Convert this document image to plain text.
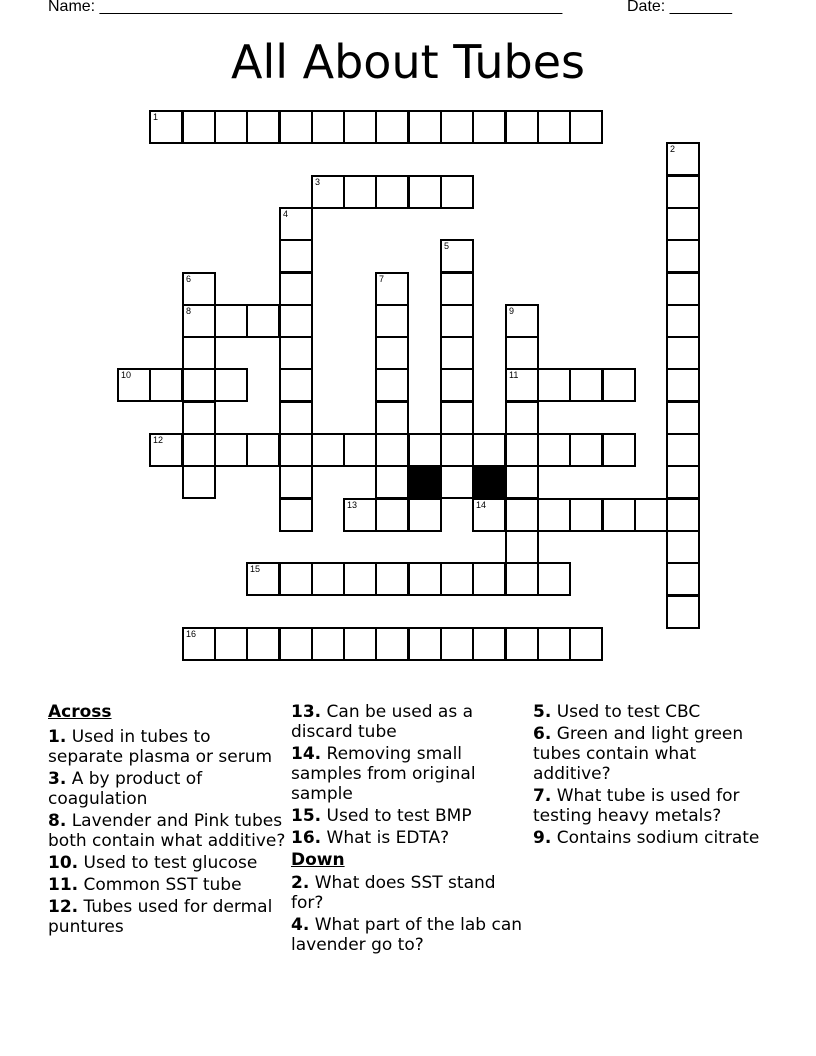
Name: ____________________________________________________	Date: _______
All About Tubes
1
2
3
4
5
6
8
7
9
11
10
12
13	14
15
16
Across
1. Used in tubes to separate plasma or serum
3. A by product of coagulation
8. Lavender and Pink tubes both contain what additive?
10. Used to test glucose
11. Common SST tube
12. Tubes used for dermal puntures
13. Can be used as a discard tube
14. Removing small samples from original sample
15. Used to test BMP
16. What is EDTA?
Down
2. What does SST stand for?
4. What part of the lab can lavender go to?
5. Used to test CBC
6. Green and light green tubes contain what additive?
7. What tube is used for testing heavy metals?
9. Contains sodium citrate
